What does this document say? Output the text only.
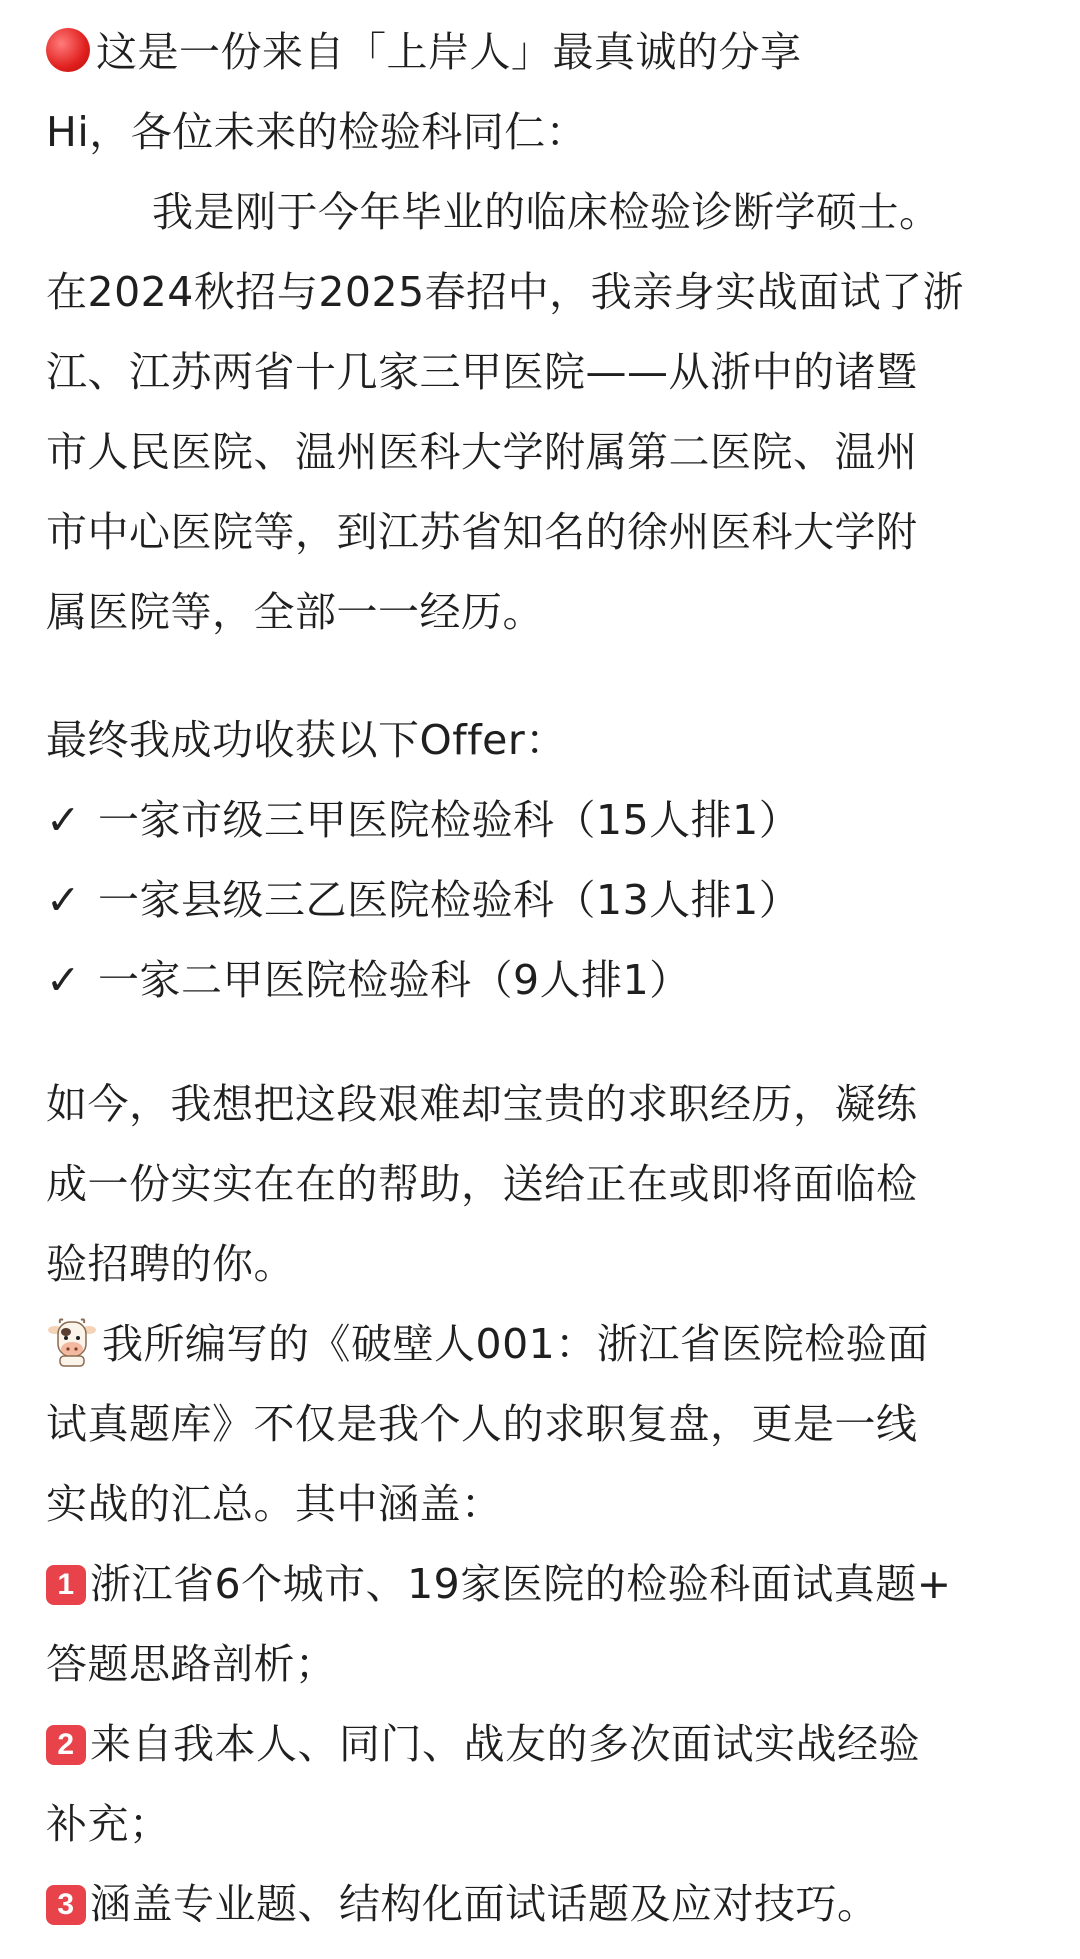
这是一份来自「上岸人」最真诚的分享
Hi，各位未来的检验科同仁：
我是刚于今年毕业的临床检验诊断学硕士。
在2024秋招与2025春招中，我亲身实战面试了浙
江、江苏两省十几家三甲医院——从浙中的诸暨
市人民医院、温州医科大学附属第二医院、温州
市中心医院等，到江苏省知名的徐州医科大学附
属医院等，全部一一经历。
最终我成功收获以下Offer：
✓ 一家市级三甲医院检验科（15人排1）
✓ 一家县级三乙医院检验科（13人排1）
✓ 一家二甲医院检验科（9人排1）
如今，我想把这段艰难却宝贵的求职经历，凝练
成一份实实在在的帮助，送给正在或即将面临检
验招聘的你。
我所编写的《破壁人001：浙江省医院检验面
试真题库》不仅是我个人的求职复盘，更是一线
实战的汇总。其中涵盖：
1 浙江省6个城市、19家医院的检验科面试真题+
答题思路剖析；
2 来自我本人、同门、战友的多次面试实战经验
补充；
3 涵盖专业题、结构化面试话题及应对技巧。
